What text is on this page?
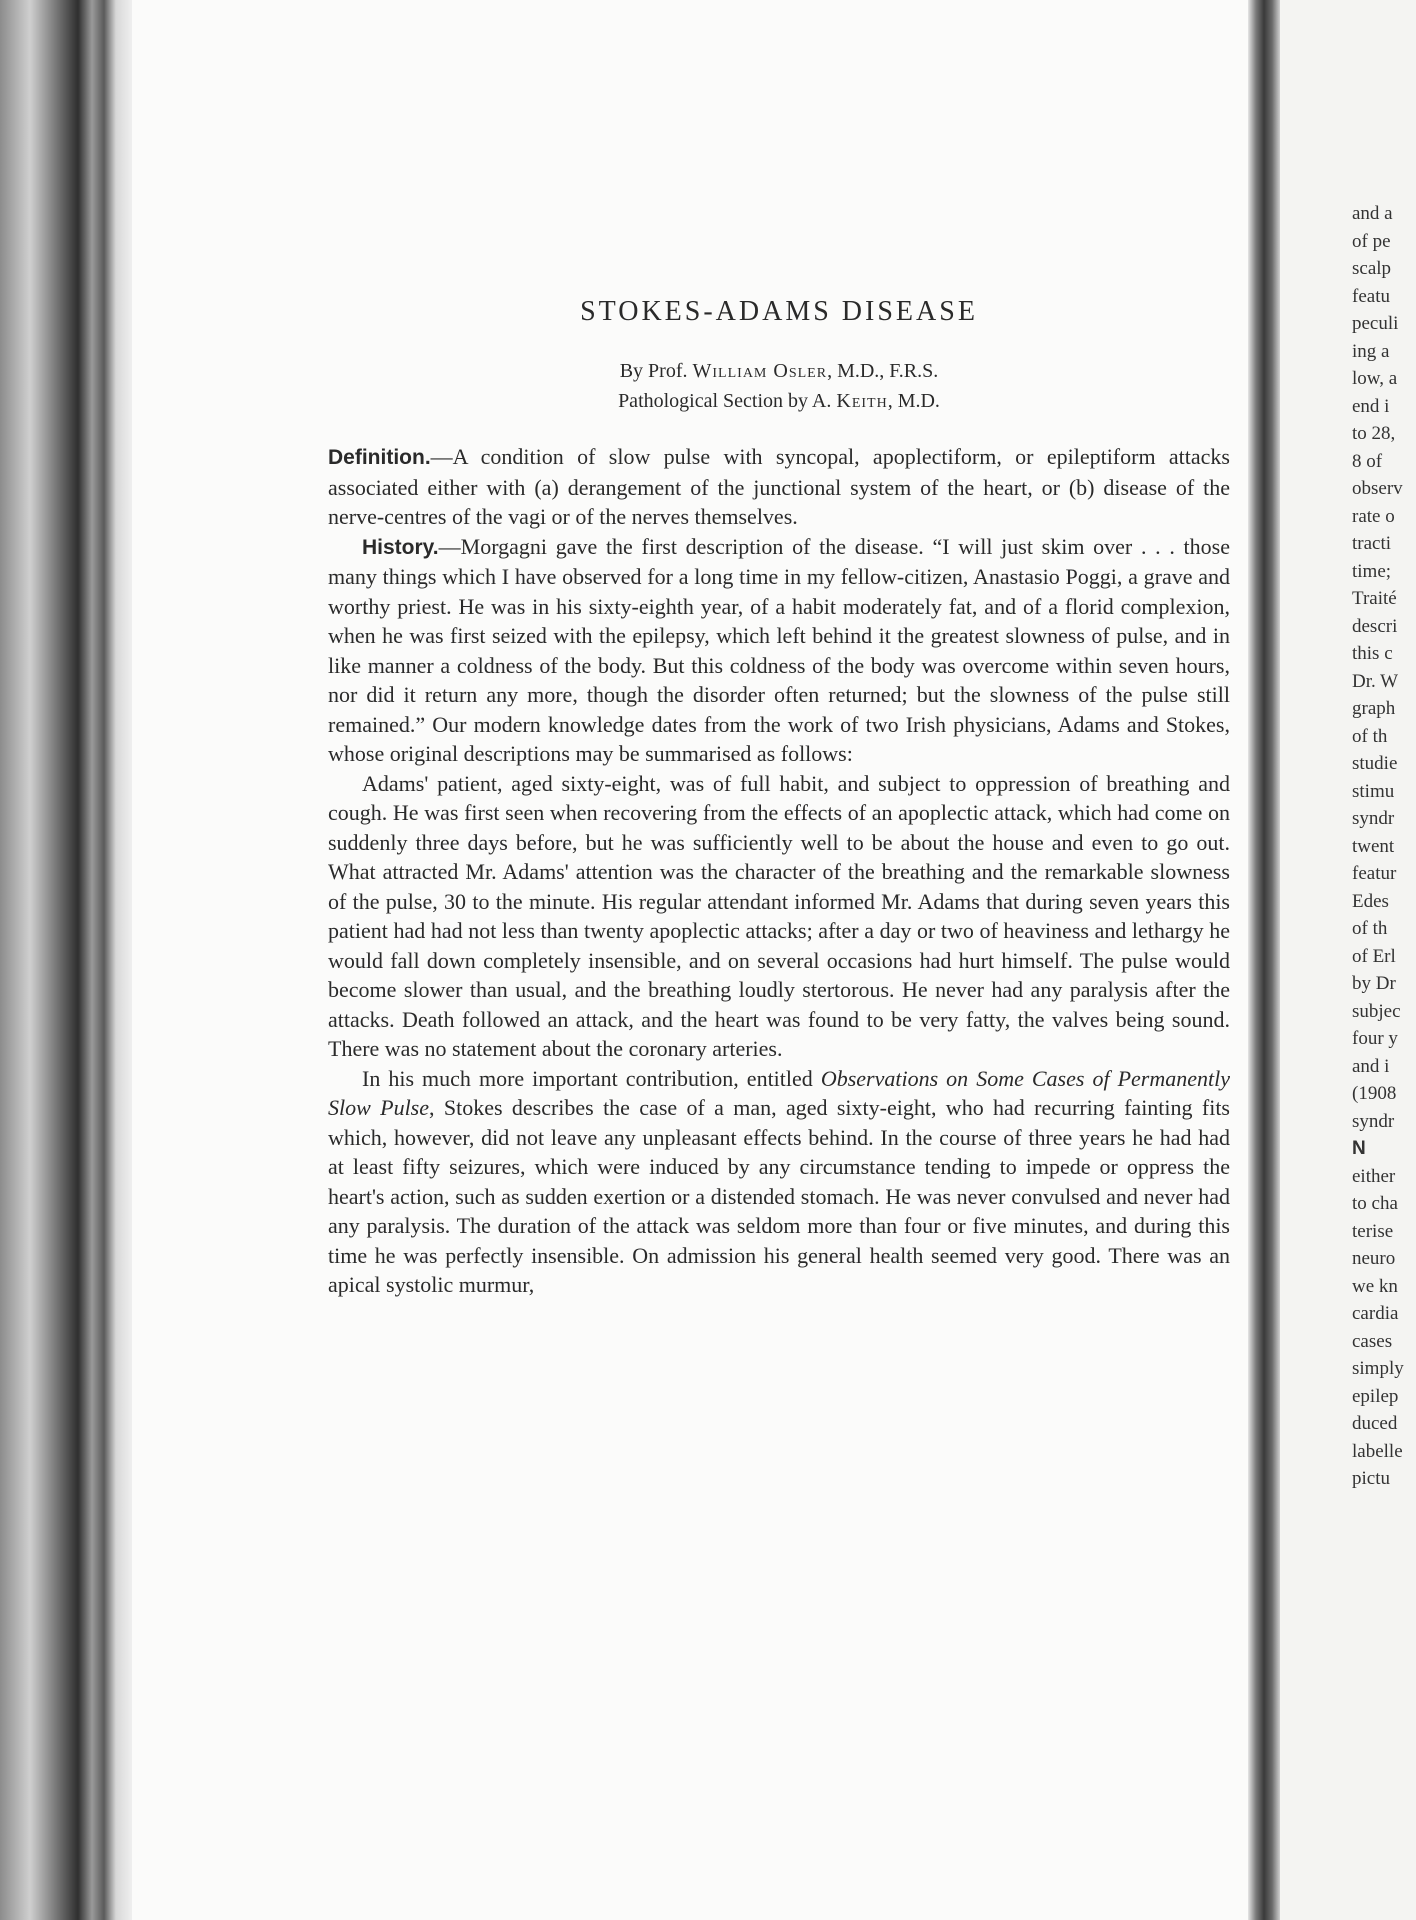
and a
of pe
scalp
featu
peculi
ing a
low, a
end i
to 28,
8 of
observ
rate o
tracti
time;
Traité
descri
this c
Dr. W
graph
of th
studie
stimu
syndr
twent
featur
Edes
of th
of Erl
by Dr
subjec
four y
and i
(1908
syndr
N
either
to cha
terise
neuro
we kn
cardia
cases
simply
epilep
duced
labelle
pictu
STOKES-ADAMS DISEASE

By Prof. William Osler, M.D., F.R.S.

Pathological Section by A. Keith, M.D.

Definition.—A condition of slow pulse with syncopal, apoplectiform, or epileptiform attacks associated either with (a) derangement of the junctional system of the heart, or (b) disease of the nerve-centres of the vagi or of the nerves themselves.

History.—Morgagni gave the first description of the disease. “I will just skim over . . . those many things which I have observed for a long time in my fellow-citizen, Anastasio Poggi, a grave and worthy priest. He was in his sixty-eighth year, of a habit moderately fat, and of a florid complexion, when he was first seized with the epilepsy, which left behind it the greatest slowness of pulse, and in like manner a coldness of the body. But this coldness of the body was overcome within seven hours, nor did it return any more, though the disorder often returned; but the slowness of the pulse still remained.” Our modern knowledge dates from the work of two Irish physicians, Adams and Stokes, whose original descriptions may be summarised as follows:

Adams' patient, aged sixty-eight, was of full habit, and subject to oppression of breathing and cough. He was first seen when recovering from the effects of an apoplectic attack, which had come on suddenly three days before, but he was sufficiently well to be about the house and even to go out. What attracted Mr. Adams' attention was the character of the breathing and the remarkable slowness of the pulse, 30 to the minute. His regular attendant informed Mr. Adams that during seven years this patient had had not less than twenty apoplectic attacks; after a day or two of heaviness and lethargy he would fall down completely insensible, and on several occasions had hurt himself. The pulse would become slower than usual, and the breathing loudly stertorous. He never had any paralysis after the attacks. Death followed an attack, and the heart was found to be very fatty, the valves being sound. There was no statement about the coronary arteries.

In his much more important contribution, entitled Observations on Some Cases of Permanently Slow Pulse, Stokes describes the case of a man, aged sixty-eight, who had recurring fainting fits which, however, did not leave any unpleasant effects behind. In the course of three years he had had at least fifty seizures, which were induced by any circumstance tending to impede or oppress the heart's action, such as sudden exertion or a distended stomach. He was never convulsed and never had any paralysis. The duration of the attack was seldom more than four or five minutes, and during this time he was perfectly insensible. On admission his general health seemed very good. There was an apical systolic murmur,
